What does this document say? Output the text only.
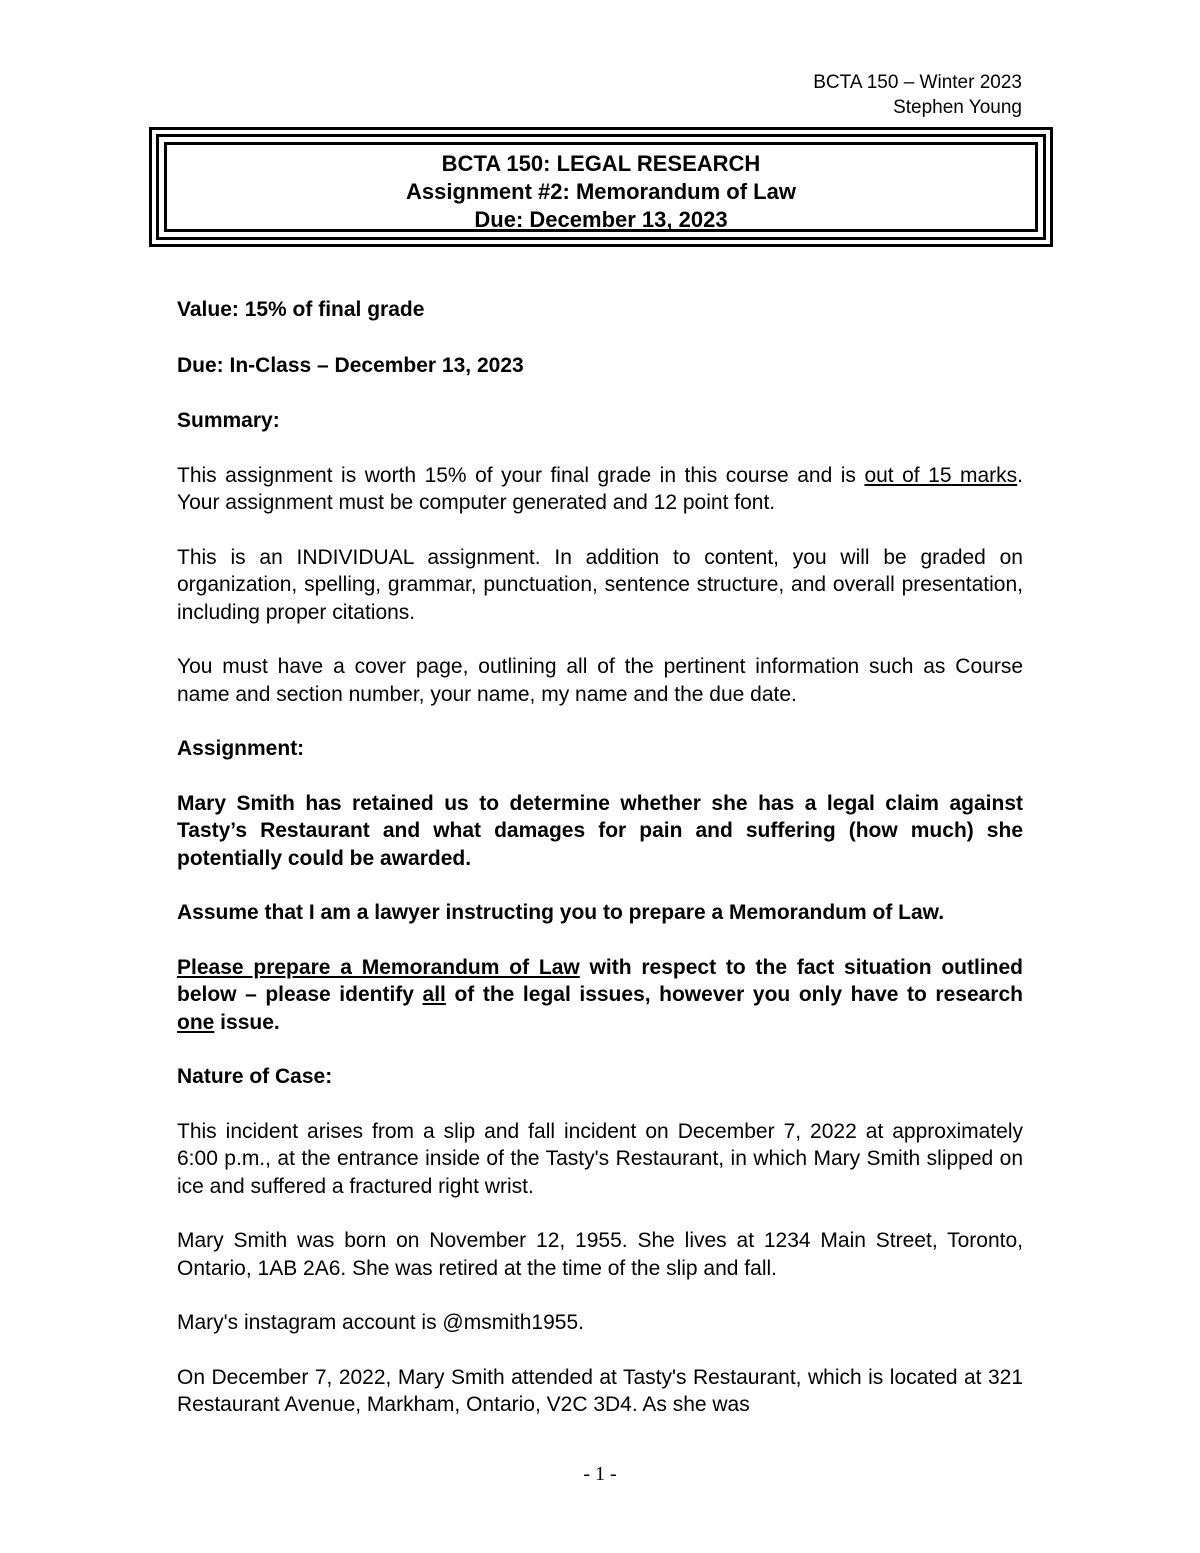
BCTA 150 – Winter 2023
Stephen Young
BCTA 150: LEGAL RESEARCH
Assignment #2: Memorandum of Law
Due: December 13, 2023

Value: 15% of final grade

Due: In-Class – December 13, 2023

Summary:

This assignment is worth 15% of your final grade in this course and is out of 15 marks. Your assignment must be computer generated and 12 point font.

This is an INDIVIDUAL assignment. In addition to content, you will be graded on organization, spelling, grammar, punctuation, sentence structure, and overall presentation, including proper citations.

You must have a cover page, outlining all of the pertinent information such as Course name and section number, your name, my name and the due date.

Assignment:

Mary Smith has retained us to determine whether she has a legal claim against Tasty’s Restaurant and what damages for pain and suffering (how much) she potentially could be awarded.

Assume that I am a lawyer instructing you to prepare a Memorandum of Law.

Please prepare a Memorandum of Law with respect to the fact situation outlined below – please identify all of the legal issues, however you only have to research one issue.

Nature of Case:

This incident arises from a slip and fall incident on December 7, 2022 at approximately 6:00 p.m., at the entrance inside of the Tasty's Restaurant, in which Mary Smith slipped on ice and suffered a fractured right wrist.

Mary Smith was born on November 12, 1955. She lives at 1234 Main Street, Toronto, Ontario, 1AB 2A6. She was retired at the time of the slip and fall.

Mary's instagram account is @msmith1955.

On December 7, 2022, Mary Smith attended at Tasty's Restaurant, which is located at 321 Restaurant Avenue, Markham, Ontario, V2C 3D4. As she was

- 1 -
